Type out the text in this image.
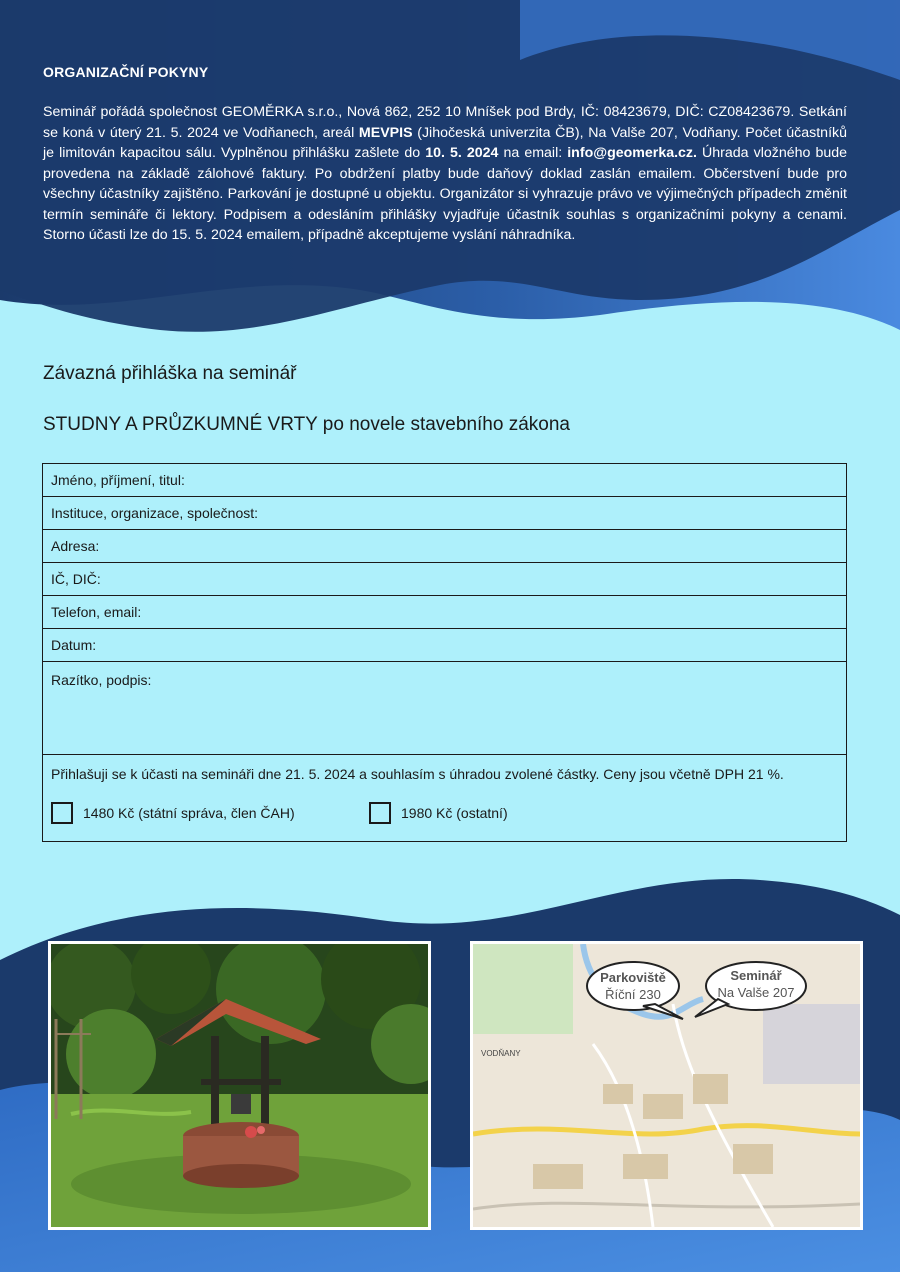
ORGANIZAČNÍ POKYNY
Seminář pořádá společnost GEOMĚRKA s.r.o., Nová 862, 252 10 Mníšek pod Brdy, IČ: 08423679, DIČ: CZ08423679. Setkání se koná v úterý 21. 5. 2024 ve Vodňanech, areál MEVPIS (Jihočeská univerzita ČB), Na Valše 207, Vodňany. Počet účastníků je limitován kapacitou sálu. Vyplněnou přihlášku zašlete do 10. 5. 2024 na email: info@geomerka.cz. Úhrada vložného bude provedena na základě zálohové faktury. Po obdržení platby bude daňový doklad zaslán emailem. Občerstvení bude pro všechny účastníky zajištěno. Parkování je dostupné u objektu. Organizátor si vyhrazuje právo ve výjimečných případech změnit termín semináře či lektory. Podpisem a odesláním přihlášky vyjadřuje účastník souhlas s organizačními pokyny a cenami. Storno účasti lze do 15. 5. 2024 emailem, případně akceptujeme vyslání náhradníka.
Závazná přihláška na seminář
STUDNY A PRŮZKUMNÉ VRTY po novele stavebního zákona
Jméno, příjmení, titul:
Instituce, organizace, společnost:
Adresa:
IČ, DIČ:
Telefon, email:
Datum:
Razítko, podpis:
Přihlašuji se k účasti na semináři dne 21. 5. 2024 a souhlasím s úhradou zvolené částky. Ceny jsou včetně DPH 21 %.
1480 Kč (státní správa, člen ČAH)	1980 Kč (ostatní)
Parkoviště
Říční 230
Seminář
Na Valše 207
VODŇANY
